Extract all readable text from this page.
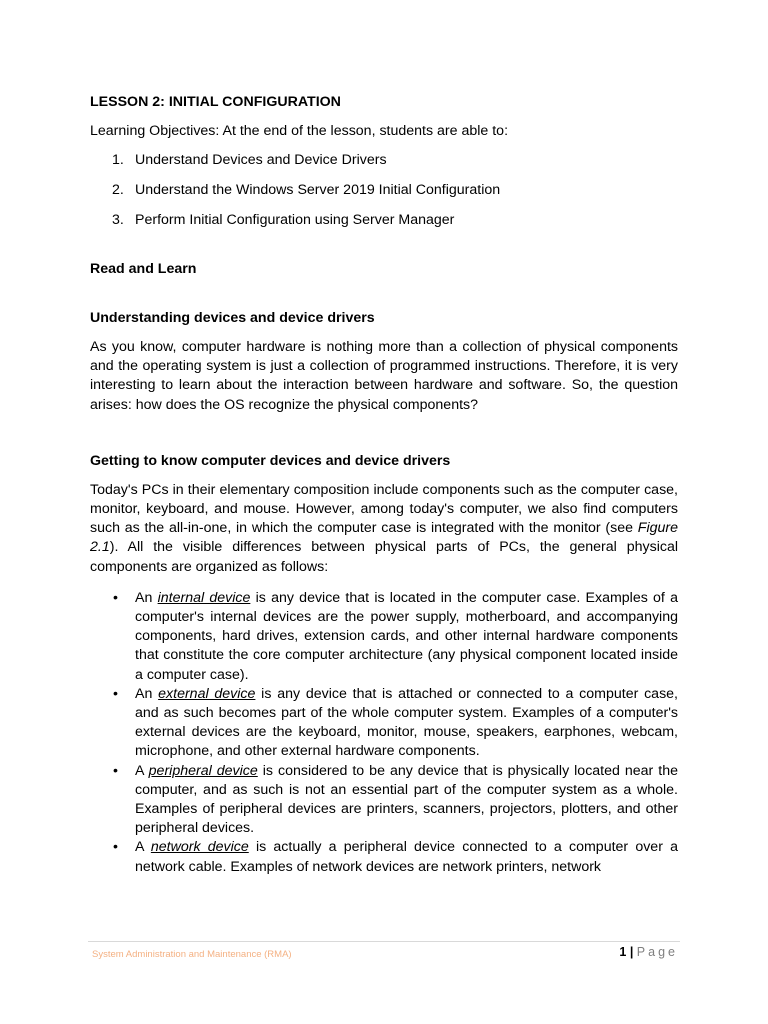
LESSON 2: INITIAL CONFIGURATION

Learning Objectives: At the end of the lesson, students are able to:

1. Understand Devices and Device Drivers
2. Understand the Windows Server 2019 Initial Configuration
3. Perform Initial Configuration using Server Manager

Read and Learn

Understanding devices and device drivers

As you know, computer hardware is nothing more than a collection of physical components and the operating system is just a collection of programmed instructions. Therefore, it is very interesting to learn about the interaction between hardware and software. So, the question arises: how does the OS recognize the physical components?

Getting to know computer devices and device drivers

Today's PCs in their elementary composition include components such as the computer case, monitor, keyboard, and mouse. However, among today's computer, we also find computers such as the all-in-one, in which the computer case is integrated with the monitor (see Figure 2.1). All the visible differences between physical parts of PCs, the general physical components are organized as follows:

• An internal device is any device that is located in the computer case. Examples of a computer's internal devices are the power supply, motherboard, and accompanying components, hard drives, extension cards, and other internal hardware components that constitute the core computer architecture (any physical component located inside a computer case).
• An external device is any device that is attached or connected to a computer case, and as such becomes part of the whole computer system. Examples of a computer's external devices are the keyboard, monitor, mouse, speakers, earphones, webcam, microphone, and other external hardware components.
• A peripheral device is considered to be any device that is physically located near the computer, and as such is not an essential part of the computer system as a whole. Examples of peripheral devices are printers, scanners, projectors, plotters, and other peripheral devices.
• A network device is actually a peripheral device connected to a computer over a network cable. Examples of network devices are network printers, network
System Administration and Maintenance (RMA)	1 | Page
